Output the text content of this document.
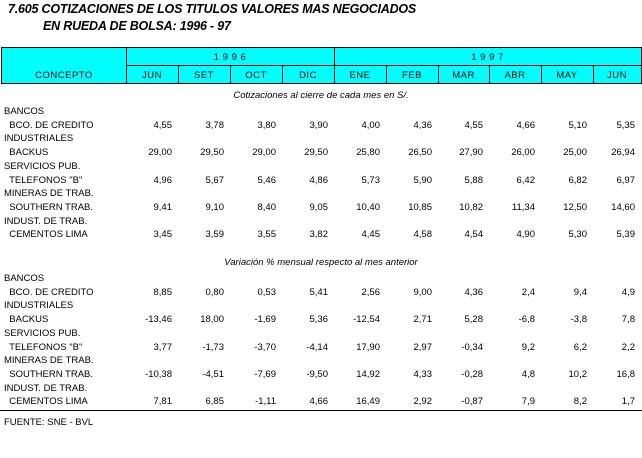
7.605 COTIZACIONES DE LOS TITULOS VALORES MAS NEGOCIADOS
EN RUEDA DE BOLSA: 1996 - 97
CONCEPTO
1 9 9 6	1 9 9 7
JUN	SET	OCT	DIC	ENE	FEB	MAR	ABR	MAY	JUN
Cotizaciones al cierre de cada mes en S/.
BANCOS
BCO. DE CREDITO	4,55	3,78	3,80	3,90	4,00	4,36	4,55	4,66	5,10	5,35
INDUSTRIALES
BACKUS	29,00	29,50	29,00	29,50	25,80	26,50	27,90	26,00	25,00	26,94
SERVICIOS PUB.
TELEFONOS "B"	4,96	5,67	5,46	4,86	5,73	5,90	5,88	6,42	6,82	6,97
MINERAS DE TRAB.
SOUTHERN TRAB.	9,41	9,10	8,40	9,05	10,40	10,85	10,82	11,34	12,50	14,60
INDUST. DE TRAB.
CEMENTOS LIMA	3,45	3,59	3,55	3,82	4,45	4,58	4,54	4,90	5,30	5,39
Variación % mensual respecto al mes anterior
BANCOS
BCO. DE CREDITO	8,85	0,80	0,53	5,41	2,56	9,00	4,36	2,4	9,4	4,9
INDUSTRIALES
BACKUS	-13,46	18,00	-1,69	5,36	-12,54	2,71	5,28	-6,8	-3,8	7,8
SERVICIOS PUB.
TELEFONOS "B"	3,77	-1,73	-3,70	-4,14	17,90	2,97	-0,34	9,2	6,2	2,2
MINERAS DE TRAB.
SOUTHERN TRAB.	-10,38	-4,51	-7,69	-9,50	14,92	4,33	-0,28	4,8	10,2	16,8
INDUST. DE TRAB.
CEMENTOS LIMA	7,81	6,85	-1,11	4,66	16,49	2,92	-0,87	7,9	8,2	1,7
FUENTE: SNE - BVL
